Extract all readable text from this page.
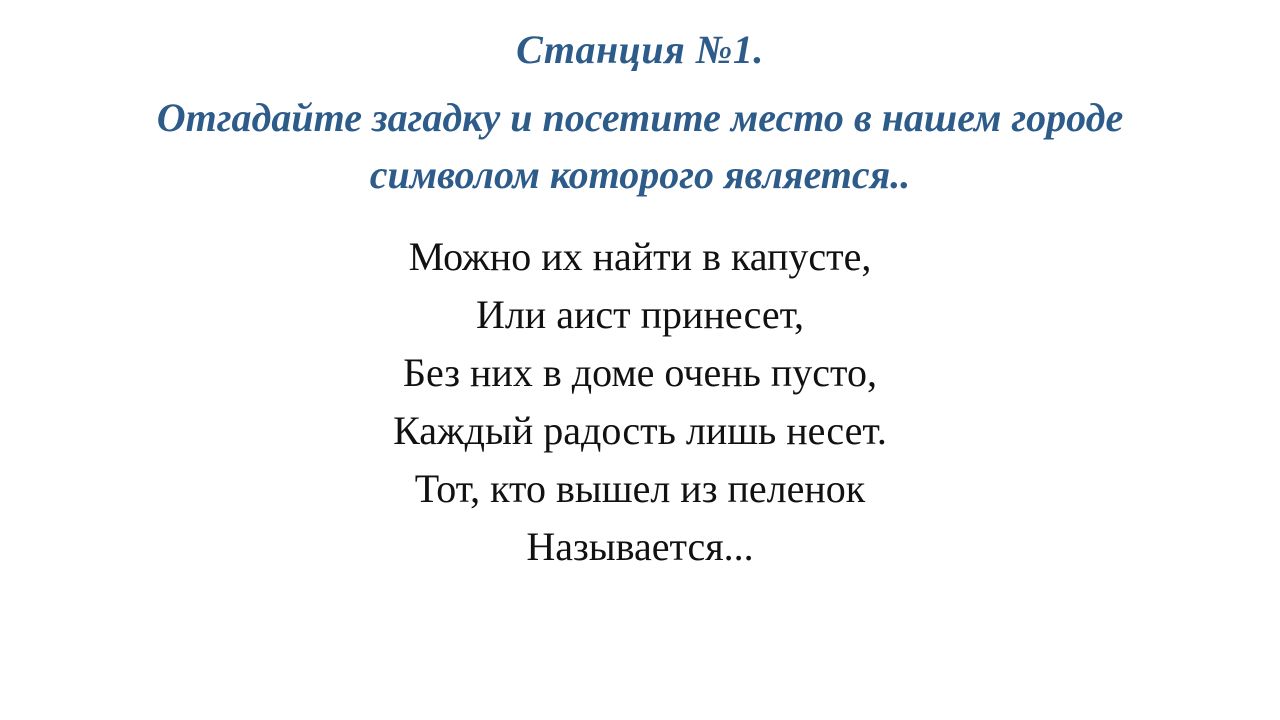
Станция №1.
Отгадайте загадку и посетите место в нашем городе символом которого является..
Можно их найти в капусте,
Или аист принесет,
Без них в доме очень пусто,
Каждый радость лишь несет.
Тот, кто вышел из пеленок
Называется...
